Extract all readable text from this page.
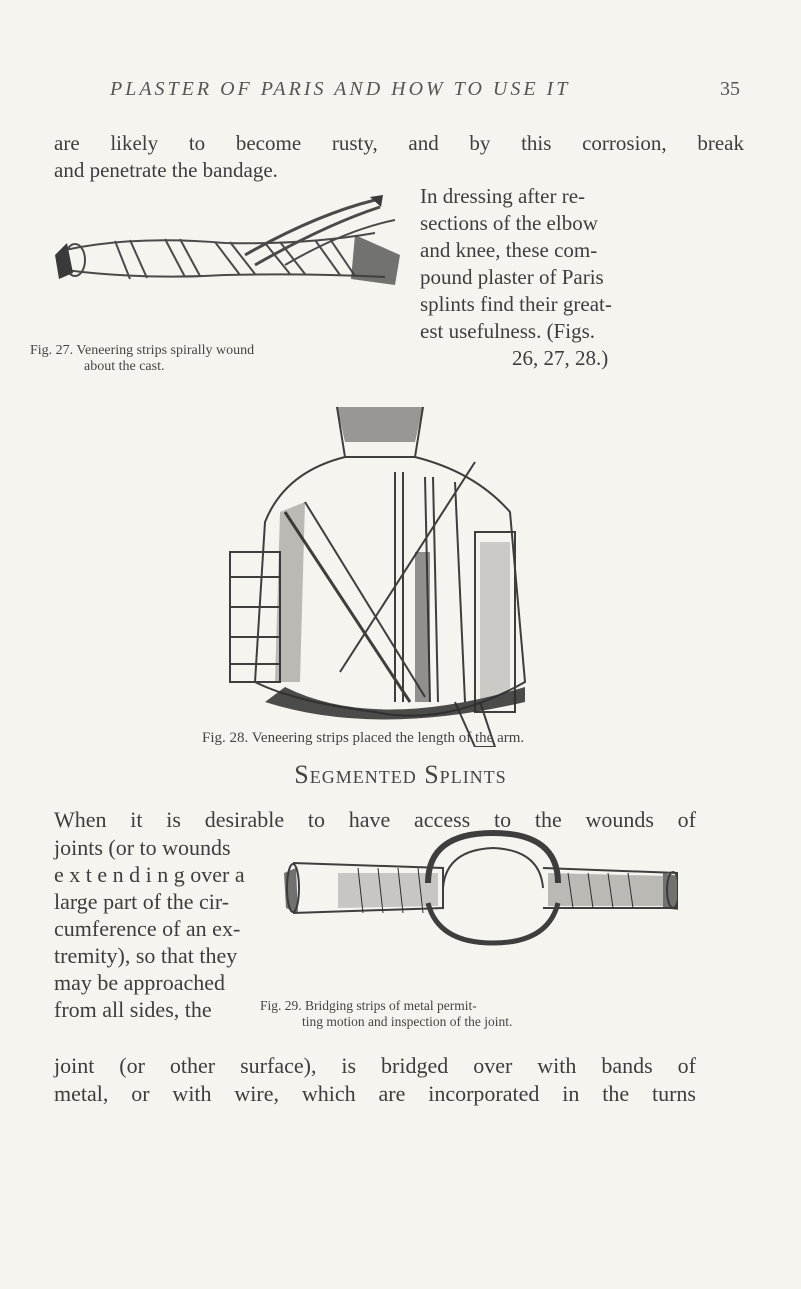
PLASTER OF PARIS AND HOW TO USE IT	35
are likely to become rusty, and by this corrosion, break
and penetrate the bandage.
In dressing after re-
sections of the elbow
and knee, these com-
pound plaster of Paris
splints find their great-
est usefulness. (Figs.
26, 27, 28.)
Fig. 27. Veneering strips spirally wound
about the cast.
Fig. 28. Veneering strips placed the length of the arm.
Segmented Splints
When it is desirable to have access to the wounds of
joints (or to wounds
e x t e n d i n g over a
large part of the cir-
cumference of an ex-
tremity), so that they
may be approached
from all sides, the	Fig. 29. Bridging strips of metal permit-
ting motion and inspection of the joint.
joint (or other surface), is bridged over with bands of
metal, or with wire, which are incorporated in the turns
